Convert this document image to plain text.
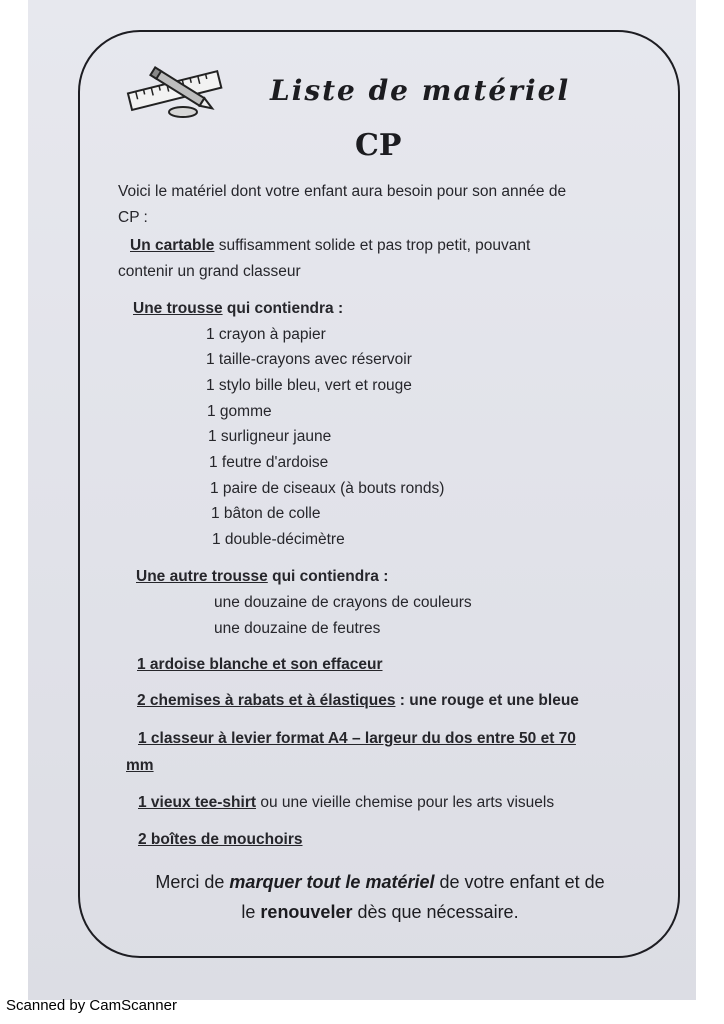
Liste de matériel
CP

Voici le matériel dont votre enfant aura besoin pour son année de

CP :

Un cartable suffisamment solide et pas trop petit, pouvant

contenir un grand classeur

Une trousse qui contiendra :

1 crayon à papier

1 taille-crayons avec réservoir

1 stylo bille bleu, vert et rouge

1 gomme

1 surligneur jaune

1 feutre d'ardoise

1 paire de ciseaux (à bouts ronds)

1 bâton de colle

1 double-décimètre

Une autre trousse qui contiendra :

une douzaine de crayons de couleurs

une douzaine de feutres

1 ardoise blanche et son effaceur

2 chemises à rabats et à élastiques : une rouge et une bleue

1 classeur à levier format A4 – largeur du dos entre 50 et 70

mm

1 vieux tee-shirt ou une vieille chemise pour les arts visuels

2 boîtes de mouchoirs

Merci de marquer tout le matériel de votre enfant et de

le renouveler dès que nécessaire.

Scanned by CamScanner
